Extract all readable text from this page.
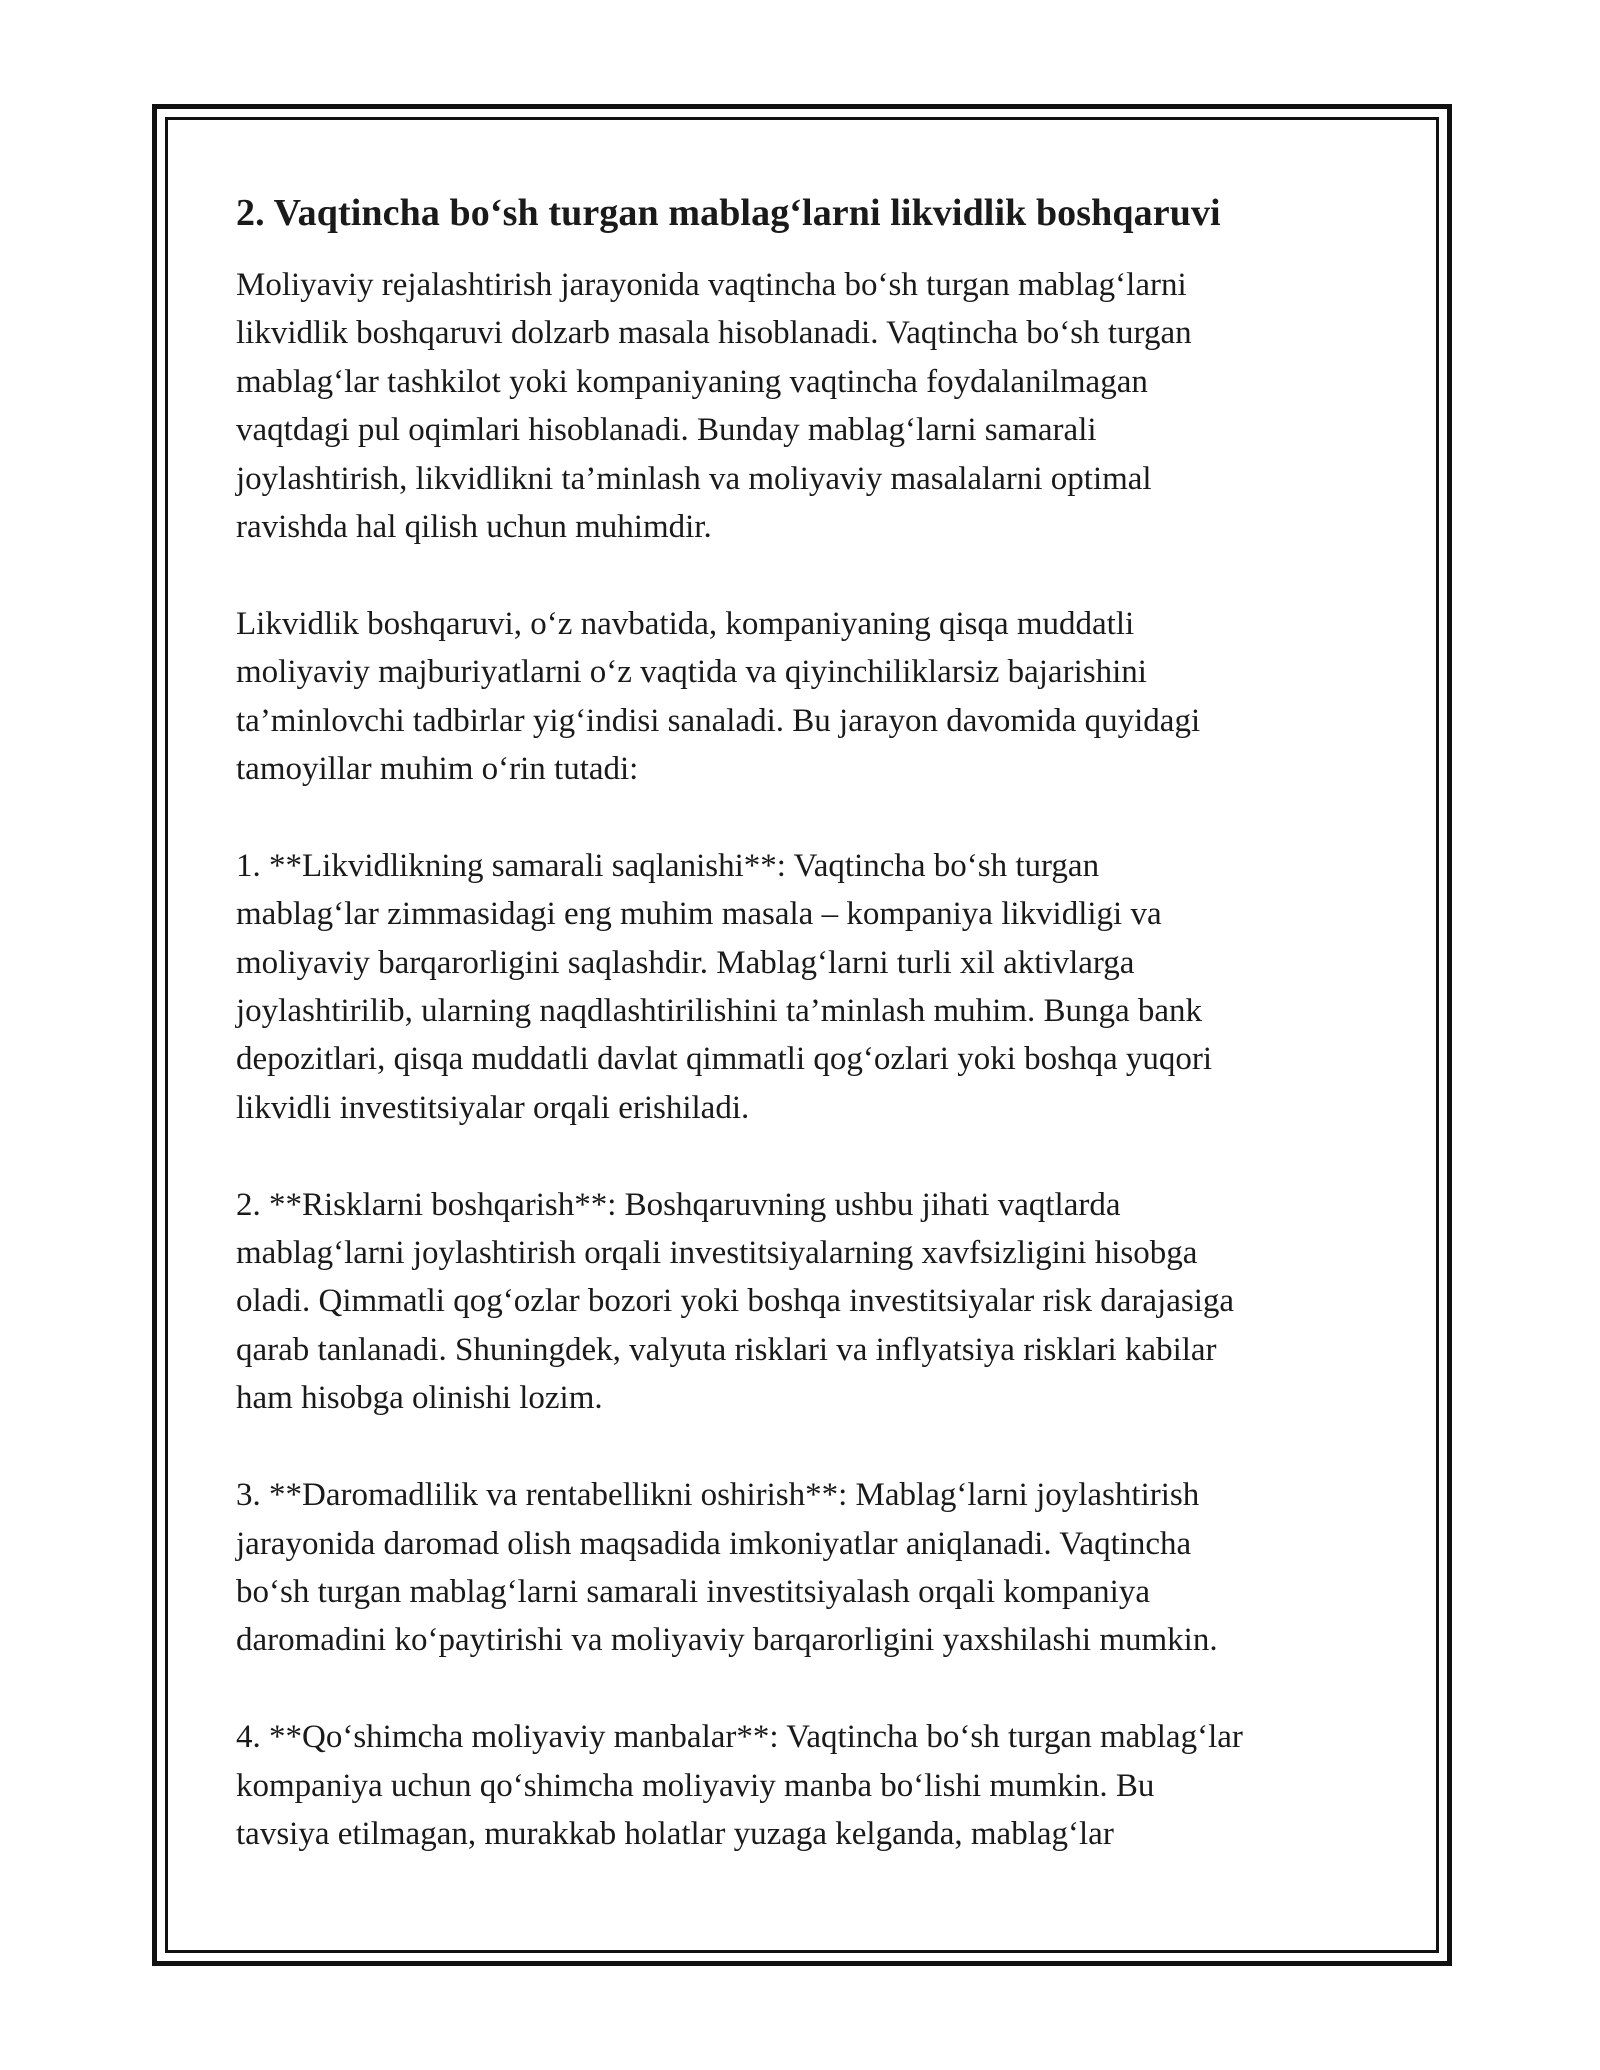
2. Vaqtincha bo‘sh turgan mablag‘larni likvidlik boshqaruvi

Moliyaviy rejalashtirish jarayonida vaqtincha bo‘sh turgan mablag‘larni
likvidlik boshqaruvi dolzarb masala hisoblanadi. Vaqtincha bo‘sh turgan
mablag‘lar tashkilot yoki kompaniyaning vaqtincha foydalanilmagan
vaqtdagi pul oqimlari hisoblanadi. Bunday mablag‘larni samarali
joylashtirish, likvidlikni ta’minlash va moliyaviy masalalarni optimal
ravishda hal qilish uchun muhimdir.

Likvidlik boshqaruvi, o‘z navbatida, kompaniyaning qisqa muddatli
moliyaviy majburiyatlarni o‘z vaqtida va qiyinchiliklarsiz bajarishini
ta’minlovchi tadbirlar yig‘indisi sanaladi. Bu jarayon davomida quyidagi
tamoyillar muhim o‘rin tutadi:

1. **Likvidlikning samarali saqlanishi**: Vaqtincha bo‘sh turgan
mablag‘lar zimmasidagi eng muhim masala – kompaniya likvidligi va
moliyaviy barqarorligini saqlashdir. Mablag‘larni turli xil aktivlarga
joylashtirilib, ularning naqdlashtirilishini ta’minlash muhim. Bunga bank
depozitlari, qisqa muddatli davlat qimmatli qog‘ozlari yoki boshqa yuqori
likvidli investitsiyalar orqali erishiladi.

2. **Risklarni boshqarish**: Boshqaruvning ushbu jihati vaqtlarda
mablag‘larni joylashtirish orqali investitsiyalarning xavfsizligini hisobga
oladi. Qimmatli qog‘ozlar bozori yoki boshqa investitsiyalar risk darajasiga
qarab tanlanadi. Shuningdek, valyuta risklari va inflyatsiya risklari kabilar
ham hisobga olinishi lozim.

3. **Daromadlilik va rentabellikni oshirish**: Mablag‘larni joylashtirish
jarayonida daromad olish maqsadida imkoniyatlar aniqlanadi. Vaqtincha
bo‘sh turgan mablag‘larni samarali investitsiyalash orqali kompaniya
daromadini ko‘paytirishi va moliyaviy barqarorligini yaxshilashi mumkin.

4. **Qo‘shimcha moliyaviy manbalar**: Vaqtincha bo‘sh turgan mablag‘lar
kompaniya uchun qo‘shimcha moliyaviy manba bo‘lishi mumkin. Bu
tavsiya etilmagan, murakkab holatlar yuzaga kelganda, mablag‘lar
